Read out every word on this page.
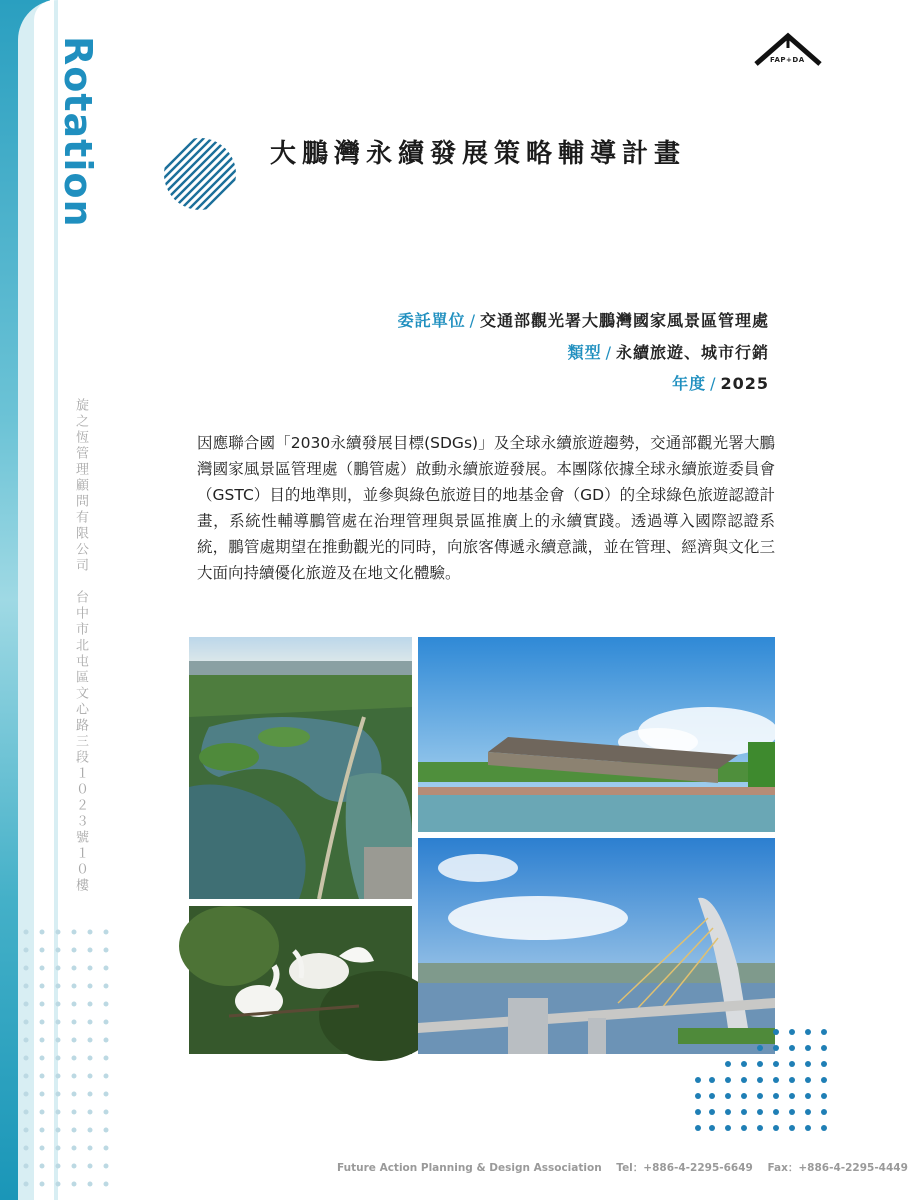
Rotation
旋之恆管理顧問有限公司　台中市北屯區文心路三段１０２３號１０樓
FAP+DA
大鵬灣永續發展策略輔導計畫
委託單位 / 交通部觀光署大鵬灣國家風景區管理處
類型 / 永續旅遊、城市行銷
年度 / 2025
因應聯合國「2030永續發展目標(SDGs)」及全球永續旅遊趨勢，交通部觀光署大鵬灣國家風景區管理處（鵬管處）啟動永續旅遊發展。本團隊依據全球永續旅遊委員會（GSTC）目的地準則，並參與綠色旅遊目的地基金會（GD）的全球綠色旅遊認證計畫，系統性輔導鵬管處在治理管理與景區推廣上的永續實踐。透過導入國際認證系統，鵬管處期望在推動觀光的同時，向旅客傳遞永續意識，並在管理、經濟與文化三大面向持續優化旅遊及在地文化體驗。
Future Action Planning & Design Association Tel：+886-4-2295-6649 Fax：+886-4-2295-4449
